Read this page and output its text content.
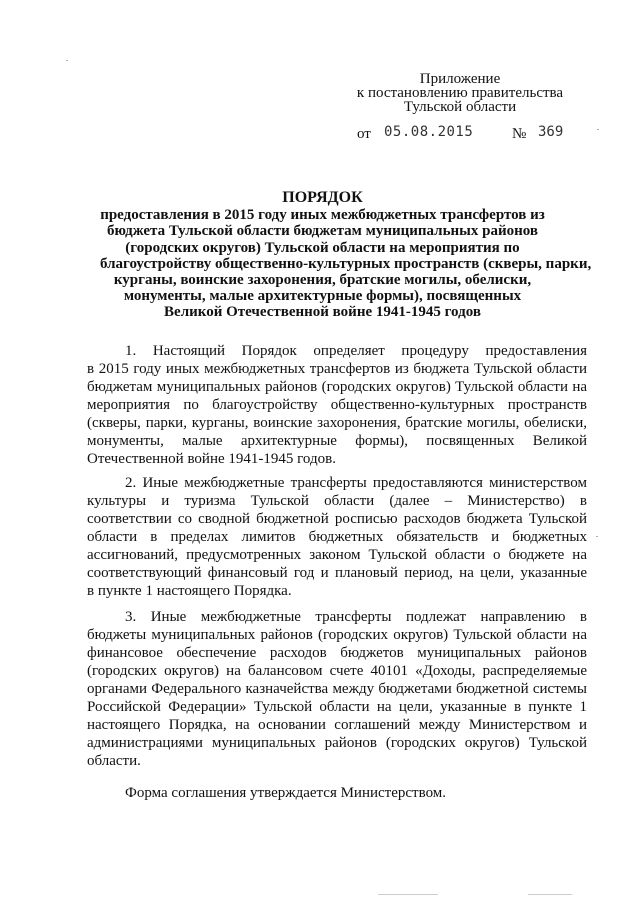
Приложение
к постановлению правительства
Тульской области
от 05.08.2015	№ 369
ПОРЯДОК
предоставления в 2015 году иных межбюджетных трансфертов из
бюджета Тульской области бюджетам муниципальных районов
(городских округов) Тульской области на мероприятия по
благоустройству общественно-культурных пространств (скверы, парки,
курганы, воинские захоронения, братские могилы, обелиски,
монументы, малые архитектурные формы), посвященных
Великой Отечественной войне 1941-1945 годов
1. Настоящий Порядок определяет процедуру предоставления
в 2015 году иных межбюджетных трансфертов из бюджета Тульской области
бюджетам муниципальных районов (городских округов) Тульской области на
мероприятия по благоустройству общественно-культурных пространств
(скверы, парки, курганы, воинские захоронения, братские могилы, обелиски,
монументы, малые архитектурные формы), посвященных Великой
Отечественной войне 1941-1945 годов.
2. Иные межбюджетные трансферты предоставляются министерством
культуры и туризма Тульской области (далее – Министерство) в
соответствии со сводной бюджетной росписью расходов бюджета Тульской
области в пределах лимитов бюджетных обязательств и бюджетных
ассигнований, предусмотренных законом Тульской области о бюджете на
соответствующий финансовый год и плановый период, на цели, указанные
в пункте 1 настоящего Порядка.
3. Иные межбюджетные трансферты подлежат направлению в
бюджеты муниципальных районов (городских округов) Тульской области на
финансовое обеспечение расходов бюджетов муниципальных районов
(городских округов) на балансовом счете 40101 «Доходы, распределяемые
органами Федерального казначейства между бюджетами бюджетной системы
Российской Федерации» Тульской области на цели, указанные в пункте 1
настоящего Порядка, на основании соглашений между Министерством и
администрациями муниципальных районов (городских округов) Тульской
области.
Форма соглашения утверждается Министерством.
